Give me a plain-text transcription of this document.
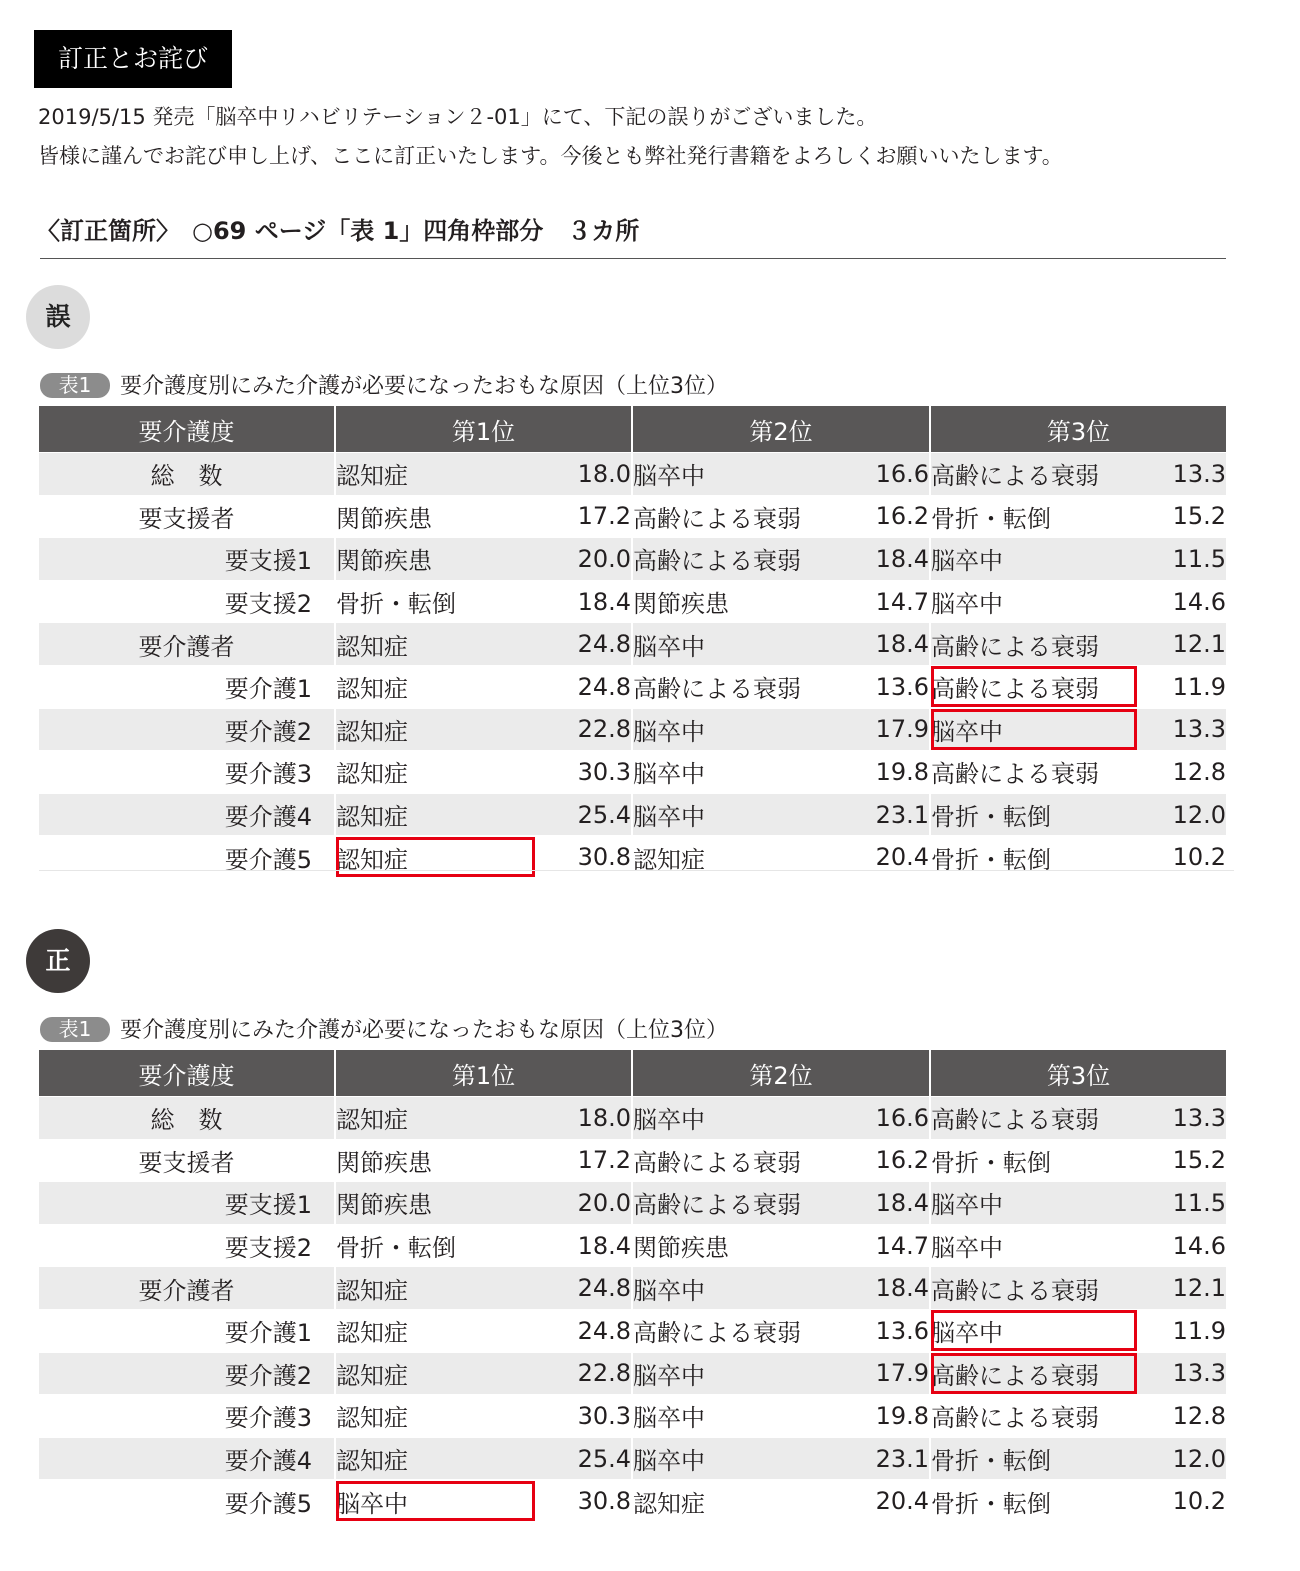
訂正とお詫び
2019/5/15 発売「脳卒中リハビリテーション２-01」にて、下記の誤りがございました。
皆様に謹んでお詫び申し上げ、ここに訂正いたします。今後とも弊社発行書籍をよろしくお願いいたします。
〈訂正箇所〉　○69 ページ「表 1」四角枠部分　３カ所
誤
表1 要介護度別にみた介護が必要になったおもな原因（上位3位）
要介護度	第1位		第2位		第3位	
総　数	認知症	18.0	脳卒中	16.6	高齢による衰弱	13.3
要支援者	関節疾患	17.2	高齢による衰弱	16.2	骨折・転倒	15.2
要支援1	関節疾患	20.0	高齢による衰弱	18.4	脳卒中	11.5
要支援2	骨折・転倒	18.4	関節疾患	14.7	脳卒中	14.6
要介護者	認知症	24.8	脳卒中	18.4	高齢による衰弱	12.1
要介護1	認知症	24.8	高齢による衰弱	13.6	高齢による衰弱	11.9
要介護2	認知症	22.8	脳卒中	17.9	脳卒中	13.3
要介護3	認知症	30.3	脳卒中	19.8	高齢による衰弱	12.8
要介護4	認知症	25.4	脳卒中	23.1	骨折・転倒	12.0
要介護5	認知症	30.8	認知症	20.4	骨折・転倒	10.2
正
表1 要介護度別にみた介護が必要になったおもな原因（上位3位）
要介護度	第1位		第2位		第3位	
総　数	認知症	18.0	脳卒中	16.6	高齢による衰弱	13.3
要支援者	関節疾患	17.2	高齢による衰弱	16.2	骨折・転倒	15.2
要支援1	関節疾患	20.0	高齢による衰弱	18.4	脳卒中	11.5
要支援2	骨折・転倒	18.4	関節疾患	14.7	脳卒中	14.6
要介護者	認知症	24.8	脳卒中	18.4	高齢による衰弱	12.1
要介護1	認知症	24.8	高齢による衰弱	13.6	脳卒中	11.9
要介護2	認知症	22.8	脳卒中	17.9	高齢による衰弱	13.3
要介護3	認知症	30.3	脳卒中	19.8	高齢による衰弱	12.8
要介護4	認知症	25.4	脳卒中	23.1	骨折・転倒	12.0
要介護5	脳卒中	30.8	認知症	20.4	骨折・転倒	10.2
